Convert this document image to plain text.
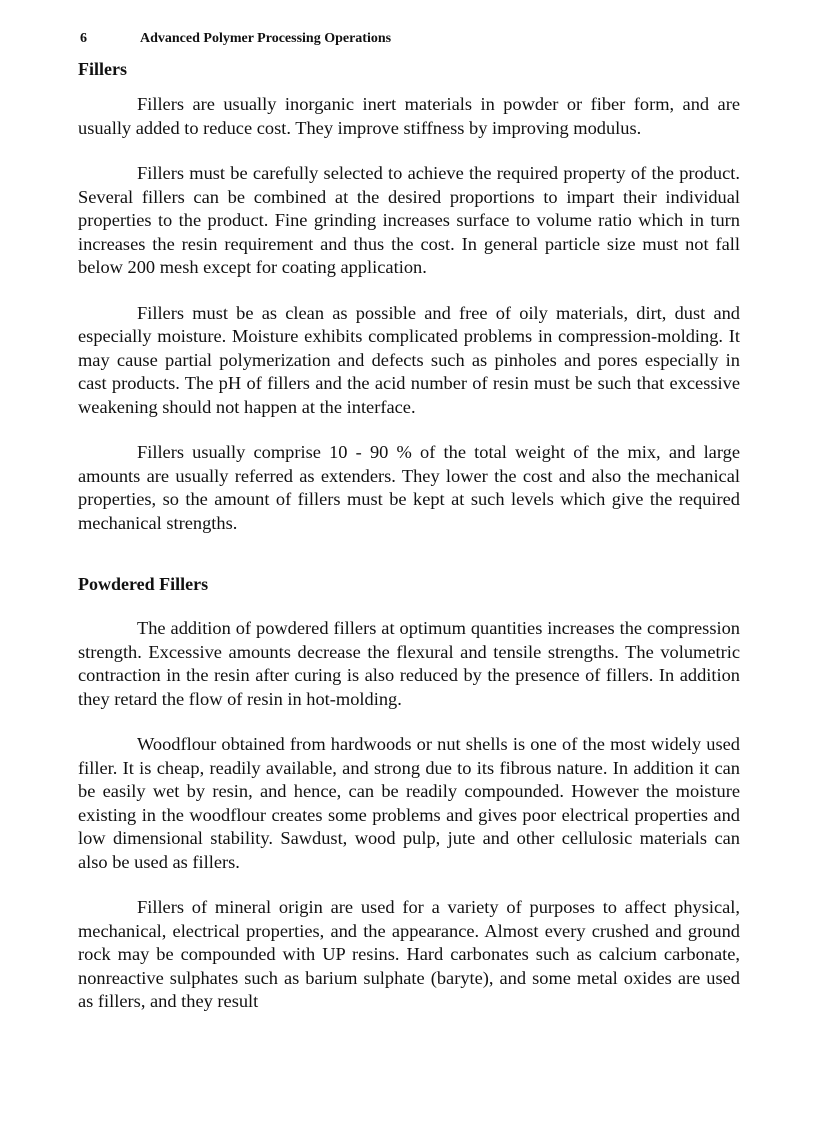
6	Advanced Polymer Processing Operations
Fillers

Fillers are usually inorganic inert materials in powder or fiber form, and are usually added to reduce cost. They improve stiffness by improving modulus.

Fillers must be carefully selected to achieve the required property of the product. Several fillers can be combined at the desired proportions to impart their individual properties to the product. Fine grinding increases surface to volume ratio which in turn increases the resin requirement and thus the cost. In general particle size must not fall below 200 mesh except for coating application.

Fillers must be as clean as possible and free of oily materials, dirt, dust and especially moisture. Moisture exhibits complicated problems in compression-molding. It may cause partial polymerization and defects such as pinholes and pores especially in cast products. The pH of fillers and the acid number of resin must be such that excessive weakening should not happen at the interface.

Fillers usually comprise 10 - 90 % of the total weight of the mix, and large amounts are usually referred as extenders. They lower the cost and also the mechanical properties, so the amount of fillers must be kept at such levels which give the required mechanical strengths.

Powdered Fillers

The addition of powdered fillers at optimum quantities increases the compression strength. Excessive amounts decrease the flexural and tensile strengths. The volumetric contraction in the resin after curing is also reduced by the presence of fillers. In addition they retard the flow of resin in hot-molding.

Woodflour obtained from hardwoods or nut shells is one of the most widely used filler. It is cheap, readily available, and strong due to its fibrous nature. In addition it can be easily wet by resin, and hence, can be readily compounded. However the moisture existing in the woodflour creates some problems and gives poor electrical properties and low dimensional stability. Sawdust, wood pulp, jute and other cellulosic materials can also be used as fillers.

Fillers of mineral origin are used for a variety of purposes to affect physical, mechanical, electrical properties, and the appearance. Almost every crushed and ground rock may be compounded with UP resins. Hard carbonates such as calcium carbonate, nonreactive sulphates such as barium sulphate (baryte), and some metal oxides are used as fillers, and they result
